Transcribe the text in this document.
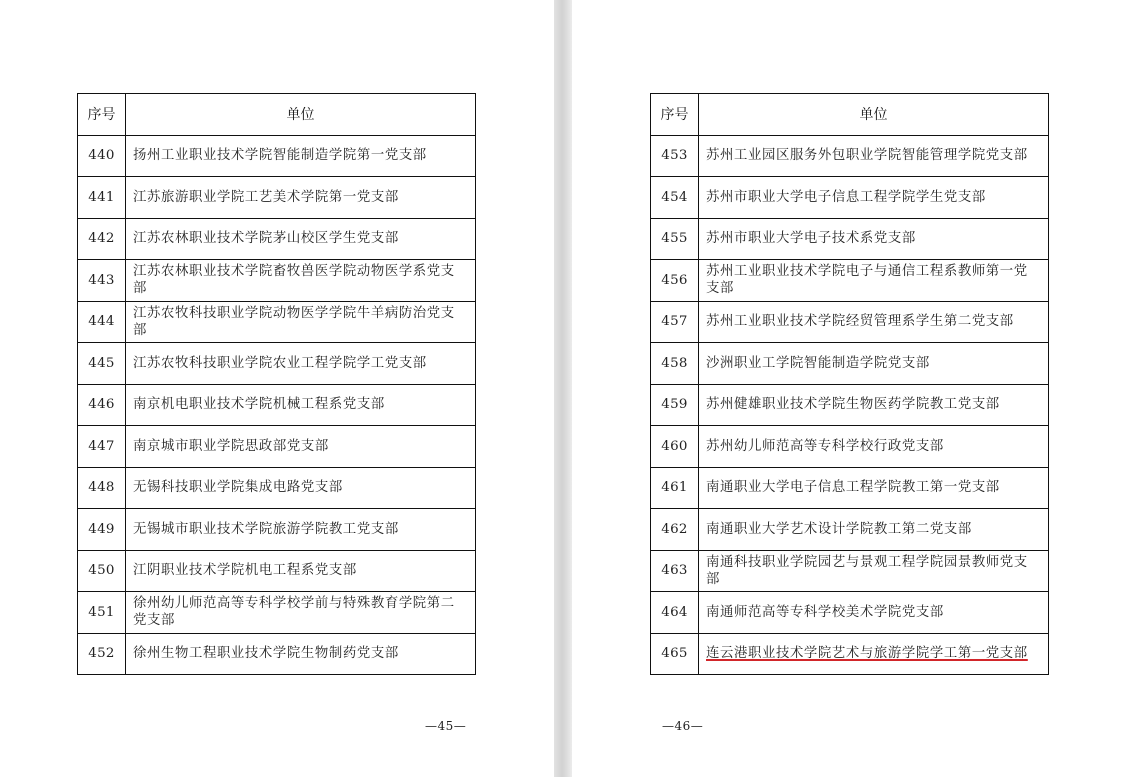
序号	单位
440	扬州工业职业技术学院智能制造学院第一党支部
441	江苏旅游职业学院工艺美术学院第一党支部
442	江苏农林职业技术学院茅山校区学生党支部
443	江苏农林职业技术学院畜牧兽医学院动物医学系党支部
444	江苏农牧科技职业学院动物医学学院牛羊病防治党支部
445	江苏农牧科技职业学院农业工程学院学工党支部
446	南京机电职业技术学院机械工程系党支部
447	南京城市职业学院思政部党支部
448	无锡科技职业学院集成电路党支部
449	无锡城市职业技术学院旅游学院教工党支部
450	江阴职业技术学院机电工程系党支部
451	徐州幼儿师范高等专科学校学前与特殊教育学院第二党支部
452	徐州生物工程职业技术学院生物制药党支部
—45—
序号	单位
453	苏州工业园区服务外包职业学院智能管理学院党支部
454	苏州市职业大学电子信息工程学院学生党支部
455	苏州市职业大学电子技术系党支部
456	苏州工业职业技术学院电子与通信工程系教师第一党支部
457	苏州工业职业技术学院经贸管理系学生第二党支部
458	沙洲职业工学院智能制造学院党支部
459	苏州健雄职业技术学院生物医药学院教工党支部
460	苏州幼儿师范高等专科学校行政党支部
461	南通职业大学电子信息工程学院教工第一党支部
462	南通职业大学艺术设计学院教工第二党支部
463	南通科技职业学院园艺与景观工程学院园景教师党支部
464	南通师范高等专科学校美术学院党支部
465	连云港职业技术学院艺术与旅游学院学工第一党支部
—46—
